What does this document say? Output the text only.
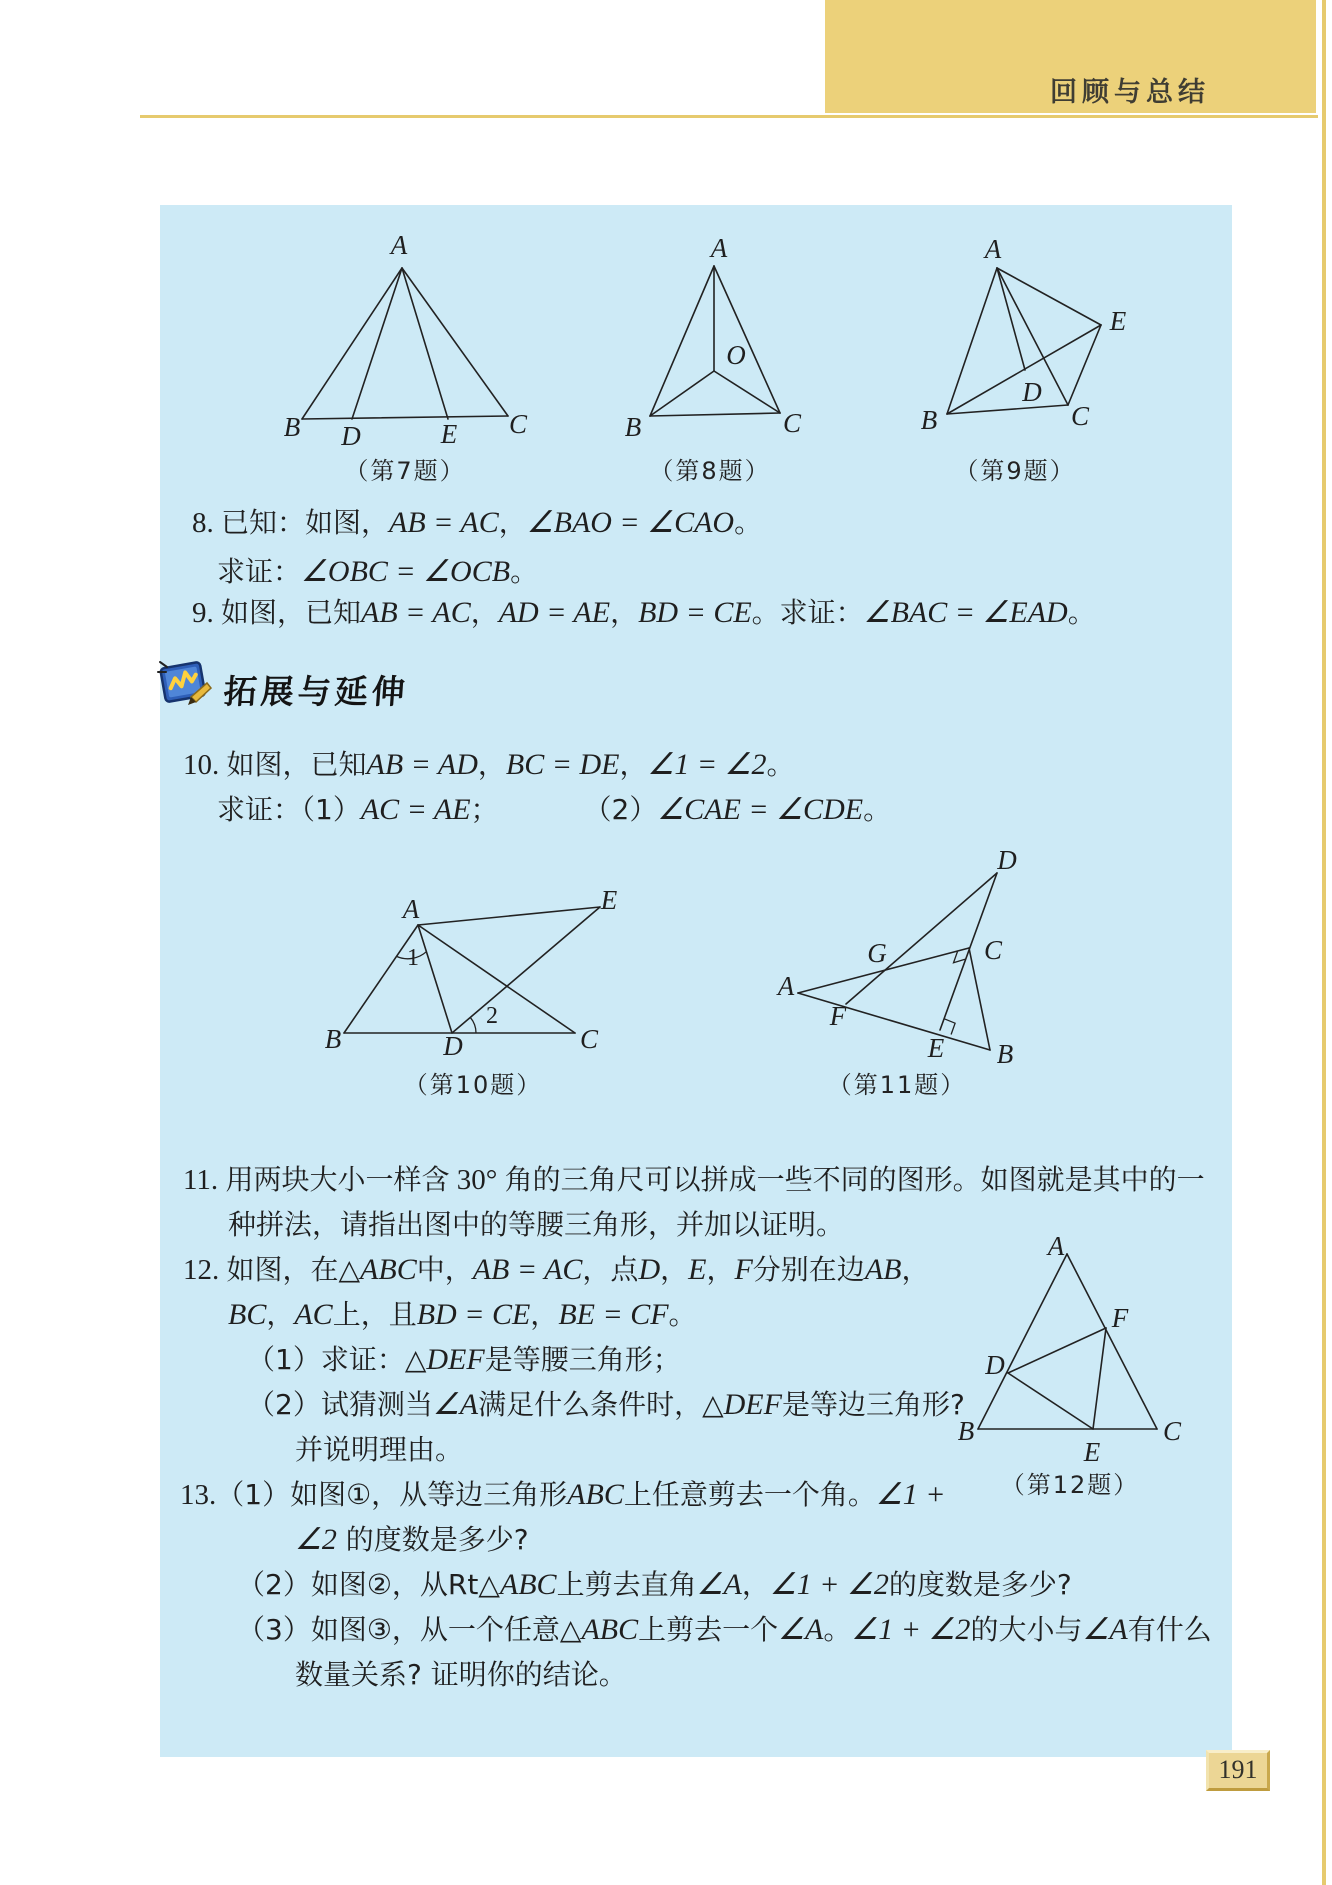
回顾与总结
拓展与延伸
8. 已知：如图，AB = AC，∠BAO = ∠CAO。
求证：∠OBC = ∠OCB。
9. 如图，已知AB = AC，AD = AE，BD = CE。求证：∠BAC = ∠EAD。
10. 如图，已知AB = AD，BC = DE，∠1 = ∠2。
求证：（1）AC = AE；	（2）∠CAE = ∠CDE。
11. 用两块大小一样含 30° 角的三角尺可以拼成一些不同的图形。如图就是其中的一
种拼法，请指出图中的等腰三角形，并加以证明。
12. 如图，在△ABC中，AB = AC，点D，E，F分别在边AB，
BC，AC上，且BD = CE，BE = CF。
（1）求证：△DEF是等腰三角形；
（2）试猜测当∠A满足什么条件时，△DEF是等边三角形?
并说明理由。
13.（1）如图①，从等边三角形ABC上任意剪去一个角。∠1 +
∠2 的度数是多少?
（2）如图②，从Rt△ABC上剪去直角∠A，∠1 + ∠2的度数是多少?
（3）如图③，从一个任意△ABC上剪去一个∠A。∠1 + ∠2的大小与∠A有什么
数量关系? 证明你的结论。
A
B D	E C
（第7题）
A
O
B	C
（第8题）
A
E
D
B	C
（第9题）
A	E
B	D	C
1
2
（第10题）
A
D
G	C
F
E B
（第11题）
A
F
D
B
E
C
（第12题）
191
